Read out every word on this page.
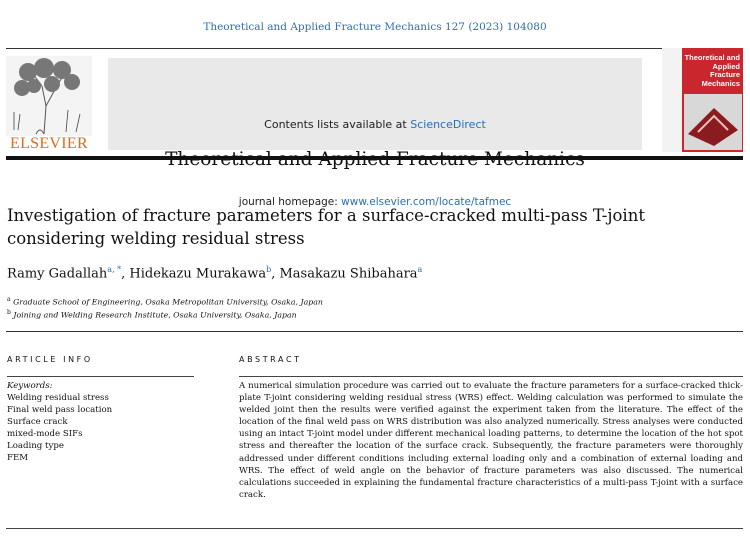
Theoretical and Applied Fracture Mechanics 127 (2023) 104080
ELSEVIER
Contents lists available at ScienceDirect
journal homepage: www.elsevier.com/locate/tafmec
Theoretical and Applied Fracture Mechanics
Investigation of fracture parameters for a surface-cracked multi-pass T-joint considering welding residual stress
Ramy Gadallah$^{a, *}$, Hidekazu Murakawa$^b$, Masakazu Shibahara$^a$
$^a$ Graduate School of Engineering, Osaka Metropolitan University, Osaka, Japan
$^b$ Joining and Welding Research Institute, Osaka University, Osaka, Japan
ARTICLE INFO	ABSTRACT
Keywords:
Welding residual stress
Final weld pass location
Surface crack
mixed-mode SIFs
Loading type
FEM
A numerical simulation procedure was carried out to evaluate the fracture parameters for a surface-cracked thick-plate T-joint considering welding residual stress (WRS) effect. Welding calculation was performed to simulate the welded joint then the results were verified against the experiment taken from the literature. The effect of the location of the final weld pass on WRS distribution was also analyzed numerically. Stress analyses were conducted using an intact T-joint model under different mechanical loading patterns, to determine the location of the hot spot stress and thereafter the location of the surface crack. Subsequently, the fracture parameters were thoroughly addressed under different conditions including external loading only and a combination of external loading and WRS. The effect of weld angle on the behavior of fracture parameters was also discussed. The numerical calculations succeeded in explaining the fundamental fracture characteristics of a multi-pass T-joint with a surface crack.
